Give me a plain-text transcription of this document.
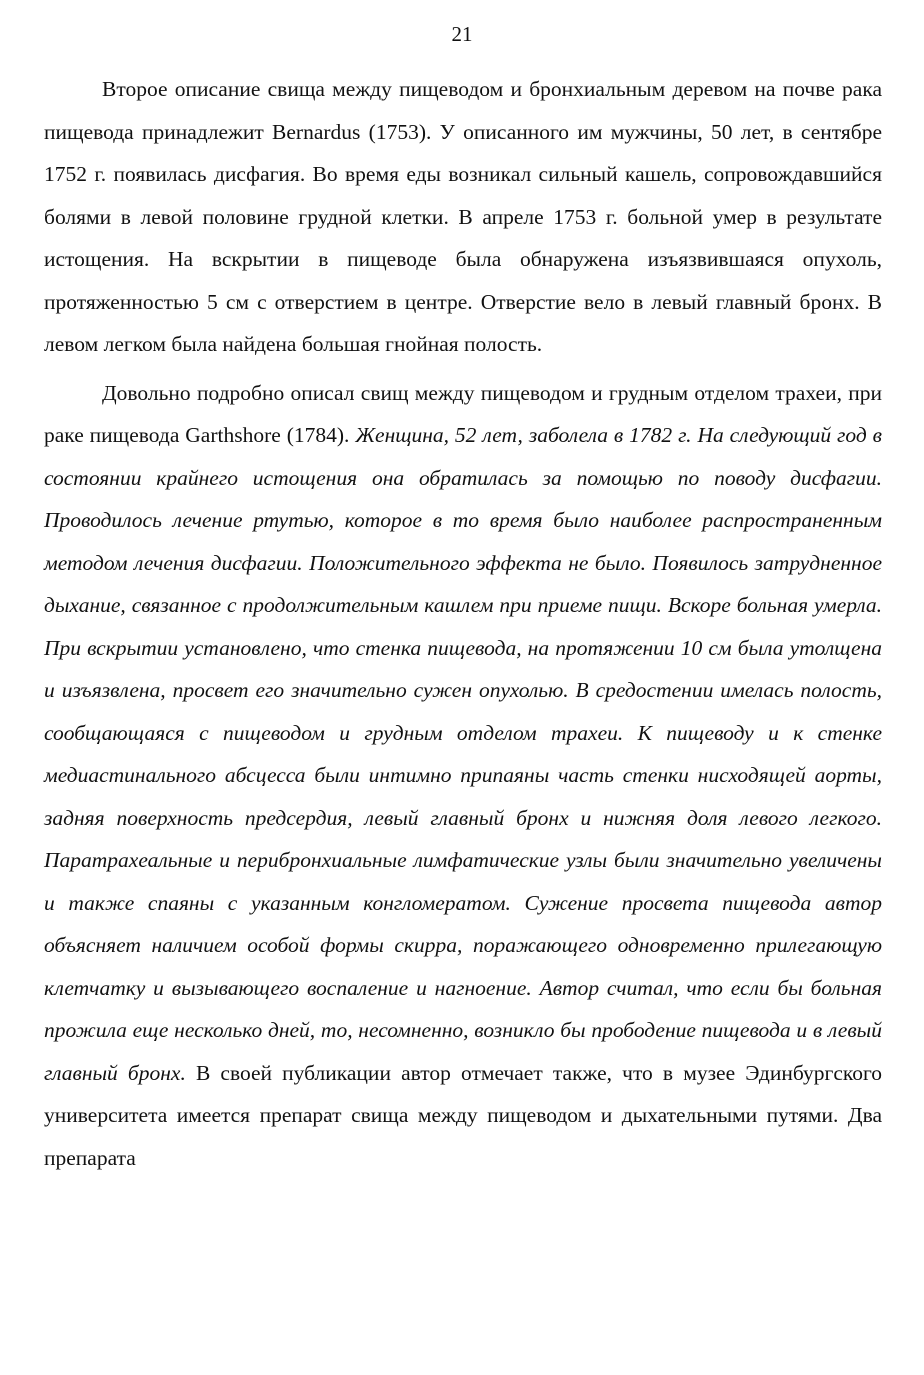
21

Второе описание свища между пищеводом и бронхиальным деревом на почве рака пищевода принадлежит Bernardus (1753). У описанного им мужчины, 50 лет, в сентябре 1752 г. появилась дисфагия. Во время еды возникал сильный кашель, сопровождавшийся болями в левой половине грудной клетки. В апреле 1753 г. больной умер в результате истощения. На вскрытии в пищеводе была обнаружена изъязвившаяся опухоль, протяженностью 5 см с отверстием в центре. Отверстие вело в левый главный бронх. В левом легком была найдена большая гнойная полость.

Довольно подробно описал свищ между пищеводом и грудным отделом трахеи, при раке пищевода Garthshore (1784). Женщина, 52 лет, заболела в 1782 г. На следующий год в состоянии крайнего истощения она обратилась за помощью по поводу дисфагии. Проводилось лечение ртутью, которое в то время было наиболее распространенным методом лечения дисфагии. Положительного эффекта не было. Появилось затрудненное дыхание, связанное с продолжительным кашлем при приеме пищи. Вскоре больная умерла. При вскрытии установлено, что стенка пищевода, на протяжении 10 см была утолщена и изъязвлена, просвет его значительно сужен опухолью. В средостении имелась полость, сообщающаяся с пищеводом и грудным отделом трахеи. К пищеводу и к стенке медиастинального абсцесса были интимно припаяны часть стенки нисходящей аорты, задняя поверхность предсердия, левый главный бронх и нижняя доля левого легкого. Паратрахеальные и перибронхиальные лимфатические узлы были значительно увеличены и также спаяны с указанным конгломератом. Сужение просвета пищевода автор объясняет наличием особой формы скирра, поражающего одновременно прилегающую клетчатку и вызывающего воспаление и нагноение. Автор считал, что если бы больная прожила еще несколько дней, то, несомненно, возникло бы прободение пищевода и в левый главный бронх. В своей публикации автор отмечает также, что в музее Эдинбургского университета имеется препарат свища между пищеводом и дыхательными путями. Два препарата
